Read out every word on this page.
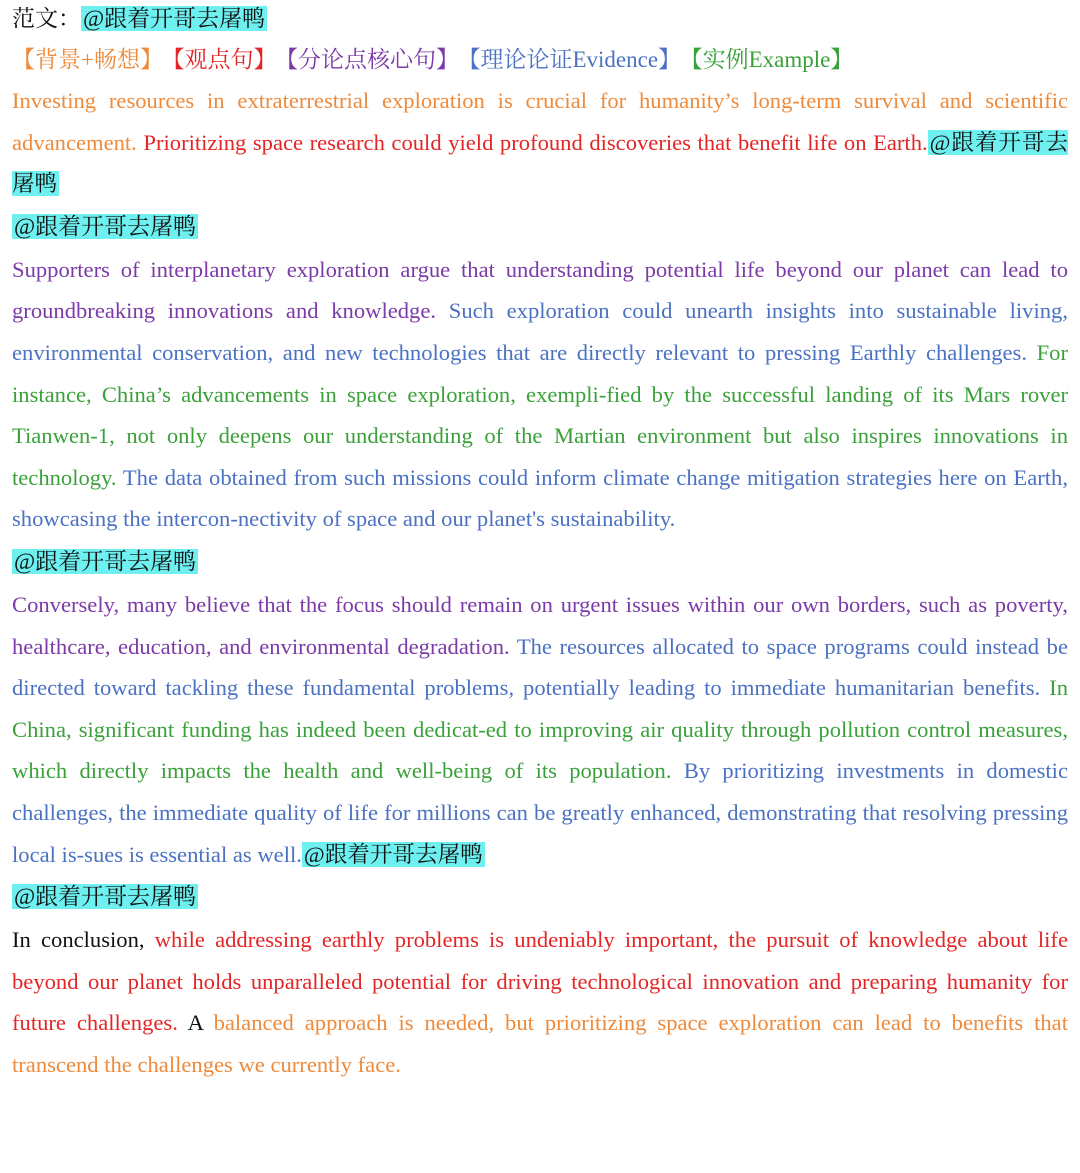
范文：@跟着开哥去屠鸭
【背景+畅想】 【观点句】 【分论点核心句】 【理论论证Evidence】 【实例Example】

Investing resources in extraterrestrial exploration is crucial for humanity’s long-term survival and scientific advancement. Prioritizing space research could yield profound discoveries that benefit life on Earth.@跟着开哥去屠鸭

@跟着开哥去屠鸭

Supporters of interplanetary exploration argue that understanding potential life beyond our planet can lead to groundbreaking innovations and knowledge. Such exploration could unearth insights into sustainable living, environmental conservation, and new technologies that are directly relevant to pressing Earthly challenges. For instance, China’s advancements in space exploration, exempli-fied by the successful landing of its Mars rover Tianwen-1, not only deepens our understanding of the Martian environment but also inspires innovations in technology. The data obtained from such missions could inform climate change mitigation strategies here on Earth, showcasing the intercon-nectivity of space and our planet's sustainability.

@跟着开哥去屠鸭

Conversely, many believe that the focus should remain on urgent issues within our own borders, such as poverty, healthcare, education, and environmental degradation. The resources allocated to space programs could instead be directed toward tackling these fundamental problems, potentially leading to immediate humanitarian benefits. In China, significant funding has indeed been dedicat-ed to improving air quality through pollution control measures, which directly impacts the health and well-being of its population. By prioritizing investments in domestic challenges, the immediate quality of life for millions can be greatly enhanced, demonstrating that resolving pressing local is-sues is essential as well.@跟着开哥去屠鸭

@跟着开哥去屠鸭

In conclusion, while addressing earthly problems is undeniably important, the pursuit of knowledge about life beyond our planet holds unparalleled potential for driving technological innovation and preparing humanity for future challenges. A balanced approach is needed, but prioritizing space exploration can lead to benefits that transcend the challenges we currently face.
